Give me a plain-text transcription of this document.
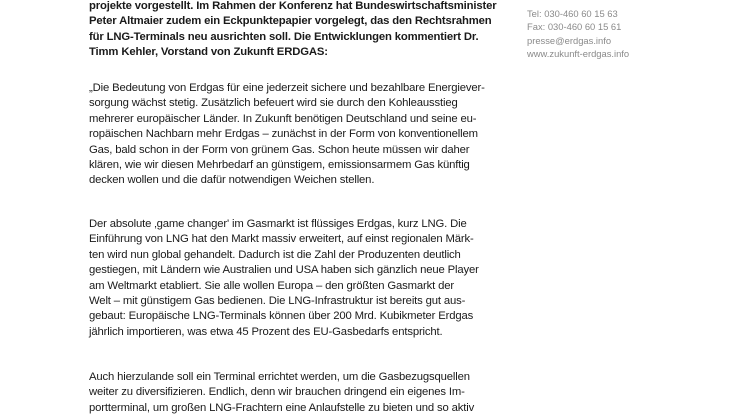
projekte vorgestellt. Im Rahmen der Konferenz hat Bundeswirtschaftsminister
Peter Altmaier zudem ein Eckpunktepapier vorgelegt, das den Rechtsrahmen
für LNG-Terminals neu ausrichten soll. Die Entwicklungen kommentiert Dr.
Timm Kehler, Vorstand von Zukunft ERDGAS:
„Die Bedeutung von Erdgas für eine jederzeit sichere und bezahlbare Energiever-
sorgung wächst stetig. Zusätzlich befeuert wird sie durch den Kohleausstieg
mehrerer europäischer Länder. In Zukunft benötigen Deutschland und seine eu-
ropäischen Nachbarn mehr Erdgas – zunächst in der Form von konventionellem
Gas, bald schon in der Form von grünem Gas. Schon heute müssen wir daher
klären, wie wir diesen Mehrbedarf an günstigem, emissionsarmem Gas künftig
decken wollen und die dafür notwendigen Weichen stellen.
Der absolute ‚game changer' im Gasmarkt ist flüssiges Erdgas, kurz LNG. Die
Einführung von LNG hat den Markt massiv erweitert, auf einst regionalen Märk-
ten wird nun global gehandelt. Dadurch ist die Zahl der Produzenten deutlich
gestiegen, mit Ländern wie Australien und USA haben sich gänzlich neue Player
am Weltmarkt etabliert. Sie alle wollen Europa – den größten Gasmarkt der
Welt – mit günstigem Gas bedienen. Die LNG-Infrastruktur ist bereits gut aus-
gebaut: Europäische LNG-Terminals können über 200 Mrd. Kubikmeter Erdgas
jährlich importieren, was etwa 45 Prozent des EU-Gasbedarfs entspricht.
Auch hierzulande soll ein Terminal errichtet werden, um die Gasbezugsquellen
weiter zu diversifizieren. Endlich, denn wir brauchen dringend ein eigenes Im-
portterminal, um großen LNG-Frachtern eine Anlaufstelle zu bieten und so aktiv
Tel: 030-460 60 15 63
Fax: 030-460 60 15 61
presse@erdgas.info
www.zukunft-erdgas.info
